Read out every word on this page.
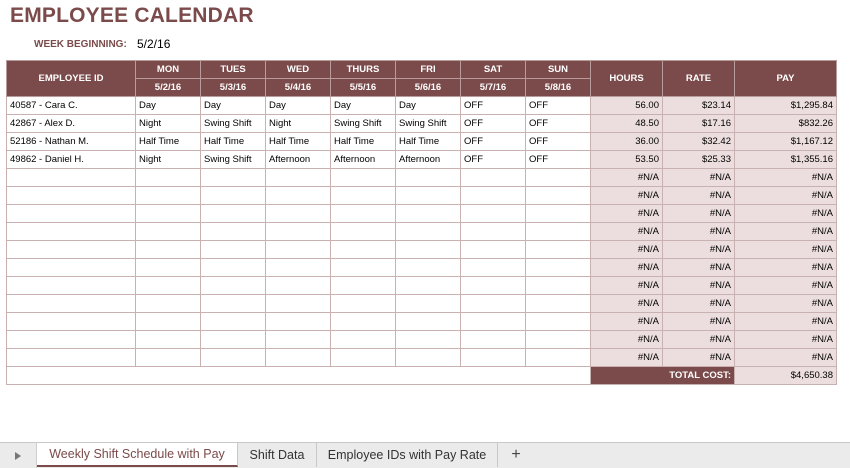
EMPLOYEE CALENDAR
WEEK BEGINNING: 5/2/16
EMPLOYEE ID	MON	TUES	WED	THURS	FRI	SAT	SUN	HOURS	RATE	PAY
	5/2/16	5/3/16	5/4/16	5/5/16	5/6/16	5/7/16	5/8/16			
40587 - Cara C.	Day	Day	Day	Day	Day	OFF	OFF	56.00	$23.14	$1,295.84
42867 - Alex D.	Night	Swing Shift	Night	Swing Shift	Swing Shift	OFF	OFF	48.50	$17.16	$832.26
52186 - Nathan M.	Half Time	Half Time	Half Time	Half Time	Half Time	OFF	OFF	36.00	$32.42	$1,167.12
49862 - Daniel H.	Night	Swing Shift	Afternoon	Afternoon	Afternoon	OFF	OFF	53.50	$25.33	$1,355.16
								#N/A	#N/A	#N/A
								#N/A	#N/A	#N/A
								#N/A	#N/A	#N/A
								#N/A	#N/A	#N/A
								#N/A	#N/A	#N/A
								#N/A	#N/A	#N/A
								#N/A	#N/A	#N/A
								#N/A	#N/A	#N/A
								#N/A	#N/A	#N/A
								#N/A	#N/A	#N/A
								#N/A	#N/A	#N/A
								TOTAL COST:		$4,650.38
Weekly Shift Schedule with Pay	Shift Data	Employee IDs with Pay Rate	+
